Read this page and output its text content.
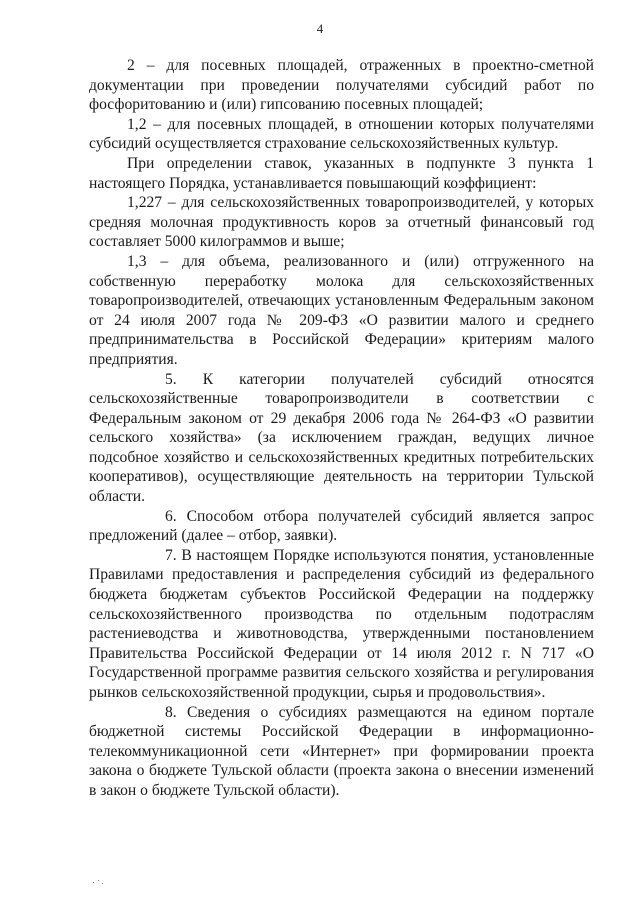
4

2 – для посевных площадей, отраженных в проектно-сметной документации при проведении получателями субсидий работ по фосфоритованию и (или) гипсованию посевных площадей;

1,2 – для посевных площадей, в отношении которых получателями субсидий осуществляется страхование сельскохозяйственных культур.

При определении ставок, указанных в подпункте 3 пункта 1 настоящего Порядка, устанавливается повышающий коэффициент:

1,227 – для сельскохозяйственных товаропроизводителей, у которых средняя молочная продуктивность коров за отчетный финансовый год составляет 5000 килограммов и выше;

1,3 – для объема, реализованного и (или) отгруженного на собственную переработку молока для сельскохозяйственных товаропроизводителей, отвечающих установленным Федеральным законом от 24 июля 2007 года № 209-ФЗ «О развитии малого и среднего предпринимательства в Российской Федерации» критериям малого предприятия.

5. К категории получателей субсидий относятся сельскохозяйственные товаропроизводители в соответствии с Федеральным законом от 29 декабря 2006 года № 264-ФЗ «О развитии сельского хозяйства» (за исключением граждан, ведущих личное подсобное хозяйство и сельскохозяйственных кредитных потребительских кооперативов), осуществляющие деятельность на территории Тульской области.

6. Способом отбора получателей субсидий является запрос предложений (далее – отбор, заявки).

7. В настоящем Порядке используются понятия, установленные Правилами предоставления и распределения субсидий из федерального бюджета бюджетам субъектов Российской Федерации на поддержку сельскохозяйственного производства по отдельным подотраслям растениеводства и животноводства, утвержденными постановлением Правительства Российской Федерации от 14 июля 2012 г. N 717 «О Государственной программе развития сельского хозяйства и регулирования рынков сельскохозяйственной продукции, сырья и продовольствия».

8. Сведения о субсидиях размещаются на едином портале бюджетной системы Российской Федерации в информационно-телекоммуникационной сети «Интернет» при формировании проекта закона о бюджете Тульской области (проекта закона о внесении изменений в закон о бюджете Тульской области).
